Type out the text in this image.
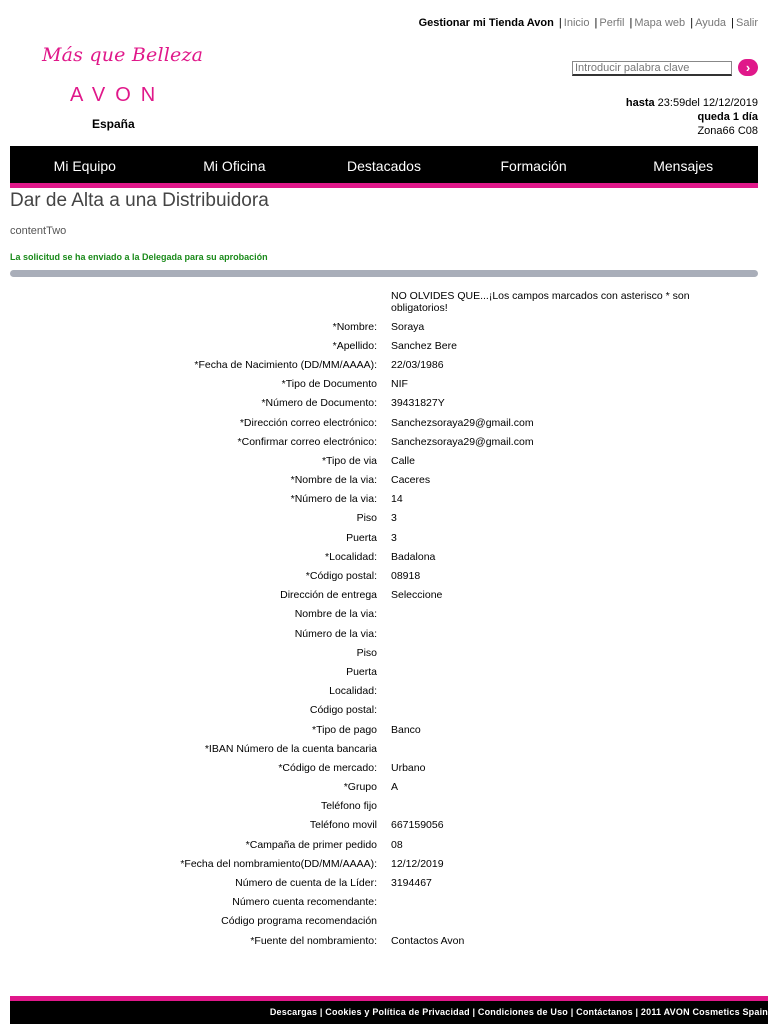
Gestionar mi Tienda Avon | Inicio | Perfil | Mapa web | Ayuda | Salir
Más que Belleza
AVON
España
Introducir palabra clave
›
hasta 23:59del 12/12/2019
queda 1 día
Zona66 C08
Mi Equipo	Mi Oficina	Destacados	Formación	Mensajes
Dar de Alta a una Distribuidora
contentTwo
La solicitud se ha enviado a la Delegada para su aprobación
NO OLVIDES QUE...¡Los campos marcados con asterisco * son obligatorios!
*Nombre:	Soraya
*Apellido:	Sanchez Bere
*Fecha de Nacimiento (DD/MM/AAAA):	22/03/1986
*Tipo de Documento	NIF
*Número de Documento:	39431827Y
*Dirección correo electrónico:	Sanchezsoraya29@gmail.com
*Confirmar correo electrónico:	Sanchezsoraya29@gmail.com
*Tipo de via	Calle
*Nombre de la via:	Caceres
*Número de la via:	14
Piso	3
Puerta	3
*Localidad:	Badalona
*Código postal:	08918
Dirección de entrega	Seleccione
Nombre de la via:	
Número de la via:	
Piso	
Puerta	
Localidad:	
Código postal:	
*Tipo de pago	Banco
*IBAN Número de la cuenta bancaria	
*Código de mercado:	Urbano
*Grupo	A
Teléfono fijo	
Teléfono movil	667159056
*Campaña de primer pedido	08
*Fecha del nombramiento(DD/MM/AAAA):	12/12/2019
Número de cuenta de la Líder:	3194467
Número cuenta recomendante:	
Código programa recomendación	
*Fuente del nombramiento:	Contactos Avon
Descargas | Cookies y Política de Privacidad | Condiciones de Uso | Contáctanos | 2011 AVON Cosmetics Spain
